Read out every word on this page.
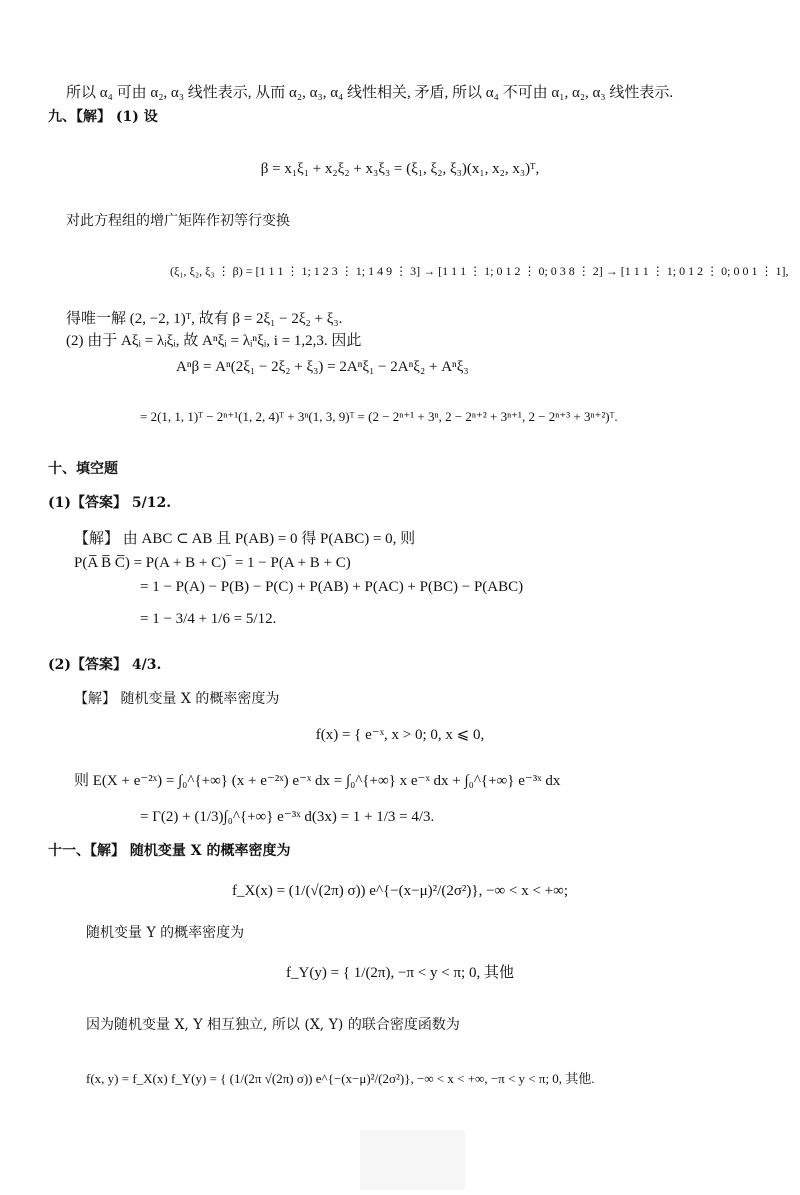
所以 α₄ 可由 α₂, α₃ 线性表示, 从而 α₂, α₃, α₄ 线性相关, 矛盾, 所以 α₄ 不可由 α₁, α₂, α₃ 线性表示.
九、【解】 (1) 设
β = x₁ξ₁ + x₂ξ₂ + x₃ξ₃ = (ξ₁, ξ₂, ξ₃)(x₁, x₂, x₃)ᵀ,
对此方程组的增广矩阵作初等行变换
(ξ₁, ξ₂, ξ₃ ⋮ β) = [1 1 1 ⋮ 1; 1 2 3 ⋮ 1; 1 4 9 ⋮ 3] → [1 1 1 ⋮ 1; 0 1 2 ⋮ 0; 0 3 8 ⋮ 2] → [1 1 1 ⋮ 1; 0 1 2 ⋮ 0; 0 0 1 ⋮ 1],
得唯一解 (2, −2, 1)ᵀ, 故有 β = 2ξ₁ − 2ξ₂ + ξ₃.
(2) 由于 Aξᵢ = λᵢξᵢ, 故 Aⁿξᵢ = λᵢⁿξᵢ, i = 1,2,3. 因此
Aⁿβ = Aⁿ(2ξ₁ − 2ξ₂ + ξ₃) = 2Aⁿξ₁ − 2Aⁿξ₂ + Aⁿξ₃
= 2(1, 1, 1)ᵀ − 2ⁿ⁺¹(1, 2, 4)ᵀ + 3ⁿ(1, 3, 9)ᵀ = (2 − 2ⁿ⁺¹ + 3ⁿ, 2 − 2ⁿ⁺² + 3ⁿ⁺¹, 2 − 2ⁿ⁺³ + 3ⁿ⁺²)ᵀ.
十、填空题
(1)【答案】 5/12.
【解】 由 ABC ⊂ AB 且 P(AB) = 0 得 P(ABC) = 0, 则
P(A̅ B̅ C̅) = P(A + B + C)‾ = 1 − P(A + B + C)
= 1 − P(A) − P(B) − P(C) + P(AB) + P(AC) + P(BC) − P(ABC)
= 1 − 3/4 + 1/6 = 5/12.
(2)【答案】 4/3.
【解】 随机变量 X 的概率密度为
f(x) = { e⁻ˣ, x > 0; 0, x ⩽ 0,
则 E(X + e⁻²ˣ) = ∫₀^{+∞} (x + e⁻²ˣ) e⁻ˣ dx = ∫₀^{+∞} x e⁻ˣ dx + ∫₀^{+∞} e⁻³ˣ dx
= Γ(2) + (1/3)∫₀^{+∞} e⁻³ˣ d(3x) = 1 + 1/3 = 4/3.
十一、【解】 随机变量 X 的概率密度为
f_X(x) = (1/(√(2π) σ)) e^{−(x−μ)²/(2σ²)}, −∞ < x < +∞;
随机变量 Y 的概率密度为
f_Y(y) = { 1/(2π), −π < y < π; 0, 其他
因为随机变量 X, Y 相互独立, 所以 (X, Y) 的联合密度函数为
f(x, y) = f_X(x) f_Y(y) = { (1/(2π √(2π) σ)) e^{−(x−μ)²/(2σ²)}, −∞ < x < +∞, −π < y < π; 0, 其他.
